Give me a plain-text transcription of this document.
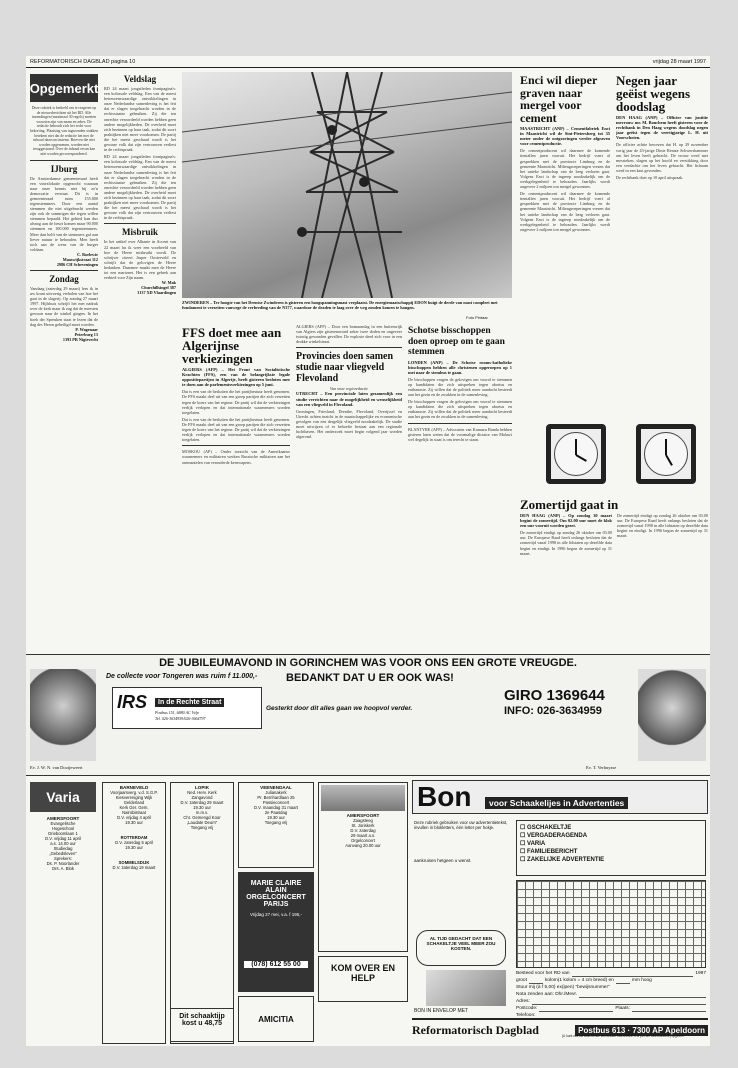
REFORMATORISCH DAGBLAD pagina 10	vrijdag 28 maart 1997
Opgemerkt

Deze rubriek is bedoeld om te reageren op de nieuwsberichten uit het RD. Alle inzendingen (maximaal 30 regels) moeten voorzien zijn van naam en adres. De redactie behoudt zich het recht voor bekorting. Plaatsing van ingezonden stukken betekent niet dat de redactie het met de inhoud daarvan instemt. Brieven die niet worden opgenomen, worden niet teruggestuurd. Over de inhoud ervan kan niet worden gecorrespondeerd.

IJburg

De Amsterdamse gemeenteraad heeft een vinexlokatie opgezocht waaraan naar onze kennis niet bij zo'n democratie verstaat. Dit is in gemeenteraad ruim 155.000 tegenstemmers. Door een aantal stemmen die niet uitgebracht werden zijn ook de sommigen die tegen willen stemmen bepaald. Het gebied kan dus alsnog aan de beurt komen maar 90.000 stemmen en 100.000 tegenstemmers. Meer dan helft van de stemmers gaf aan liever natuur te behouden. Men heeft toch aan de wens van de burger voldaan.

C. Boelewie

Maaswijkstraat 112

2986 CH Scheveningen

Zondag

Vandaag (zaterdag 29 maart) lees ik in uw krant uitvoerig verhalen van hoe het gaat in de slagerij. Op zondag 27 maart 1997. Hijlshuis schrijft het met nadruk over de kerk maar ik zag dat de meesten gewoon naar de winkel gingen. In het boek der Spreuken staat te lezen dat de dag des Heren geheiligd moet worden.

P. Wagenaar

Peterburg 13

1393 PR Nigtevecht

Veldslag

RD 24 maart jongstleden frontpagina's: een kolossale veldslag. Een van de meest betreurenswaardige ontwikkelingen in onze Nederlandse samenleving is het feit dat er slagen toegebracht worden in de rechtsstaatse gebruiken. Zij die ten onrechte veroordeeld worden hebben geen andere mogelijkheden. De overheid moet zich bezinnen op haar taak, zodat dit soort praktijken niet meer voorkomen. De partij die het meest geschaad wordt is het gewone volk dat zijn vertrouwen verliest in de rechtspraak.

RD 24 maart jongstleden frontpagina's: een kolossale veldslag. Een van de meest betreurenswaardige ontwikkelingen in onze Nederlandse samenleving is het feit dat er slagen toegebracht worden in de rechtsstaatse gebruiken. Zij die ten onrechte veroordeeld worden hebben geen andere mogelijkheden. De overheid moet zich bezinnen op haar taak, zodat dit soort praktijken niet meer voorkomen. De partij die het meest geschaad wordt is het gewone volk dat zijn vertrouwen verliest in de rechtspraak.

Misbruik

In het artikel over Albanie in Accent van 22 maart las ik weer een voorbeeld van hoe de Heere misbruikt wordt. De schrijver citeert Jasper Oosterveld en schrijft dat de gelovigen de Heere bedanken. Daarmee maakt men de Heere tot een marionet. Het is een gebrek aan eerbied voor Zijn naam.

W. Mak

Churchillsingel 387

3137 XD Vlaardingen

ZWINDEREN – Ter hoogte van het Drentse Zwinderen is gisteren een hoogspanningsmast verplaatst. De energiemaatschappij EDON buigt de derde van mast compleet met fundament te verzetten vanwege de verbreding van de N377, waardoor de draden te laag over de weg zouden komen te hangen.

Foto Pintaar

FFS doet mee aan Algerijnse verkiezingen

ALGIERS (AFP) – Het Front van Socialistische Krachten (FFS), een van de belangrijkste legale oppositiepartijen in Algerije, heeft gisteren besloten mee te doen aan de parlementsverkiezingen op 5 juni.

Dat is een van de besluiten die het partijbestuur heeft genomen. De FFS maakt deel uit van een groep partijen die zich verzetten tegen de koers van het regime. De partij wil dat de verkiezingen eerlijk verlopen en dat internationale waarnemers worden toegelaten.

Dat is een van de besluiten die het partijbestuur heeft genomen. De FFS maakt deel uit van een groep partijen die zich verzetten tegen de koers van het regime. De partij wil dat de verkiezingen eerlijk verlopen en dat internationale waarnemers worden toegelaten.

MOSKOU (AP) – Onder toezicht van de Amerikaanse waarnemers en militairen werken Russische militairen aan het ontmantelen van verouderde kernwapens.

ALGIERS (AFP) – Door een bomaanslag in een buitenwijk van Algiers zijn gisterenavond zeker twee doden en ongeveer twintig gewonden gevallen. De explosie deed zich voor in een drukke winkelstraat.

Provincies doen samen studie naar vliegveld Flevoland

Van onze regioredactie

UTRECHT – Een provinciale laten gezamenlijk een studie verrichten naar de mogelijkheid en wenselijkheid van een vliegveld in Flevoland.

Groningen, Friesland, Drenthe, Flevoland, Overijssel en Utrecht achten inzicht in de maatschappelijke en economische gevolgen van een dergelijk vliegveld noodzakelijk. De studie moet uitwijzen of er behoefte bestaat aan een regionale luchthaven. Het onderzoek moet begin volgend jaar worden afgerond.

Schotse bisschoppen doen oproep om te gaan stemmen

LONDEN (ANP) – De Schotse rooms-katholieke bisschoppen hebben alle christenen opgeroepen op 1 mei naar de stembus te gaan.

De bisschoppen vragen de gelovigen om vooral te stemmen op kandidaten die zich uitspreken tegen abortus en euthanasie. Zij willen dat de politiek meer aandacht besteedt aan het gezin en de zwakken in de samenleving.

De bisschoppen vragen de gelovigen om vooral te stemmen op kandidaten die zich uitspreken tegen abortus en euthanasie. Zij willen dat de politiek meer aandacht besteedt aan het gezin en de zwakken in de samenleving.

BLANTYRE (AFP) – Advocaten van Kamuzu Banda hebben gisteren laten weten dat de voormalige dictator van Malawi wel degelijk in staat is om terecht te staan.

Enci wil dieper graven naar mergel voor cement

MAASTRICHT (ANP) – Cementfabriek Enci in Maastricht wil de Sint-Pietersberg tot 35 meter onder de ontgravingen verder afgraven voor cementproductie.

De cementproducent wil daarmee de komende tientallen jaren vooruit. Het bedrijf voert al gesprekken met de provincie Limburg en de gemeente Maastricht. Milieugroeperingen vrezen dat het unieke landschap van de berg verloren gaat. Volgens Enci is de ingreep noodzakelijk om de werkgelegenheid te behouden. Jaarlijks wordt ongeveer 2 miljoen ton mergel gewonnen.

De cementproducent wil daarmee de komende tientallen jaren vooruit. Het bedrijf voert al gesprekken met de provincie Limburg en de gemeente Maastricht. Milieugroeperingen vrezen dat het unieke landschap van de berg verloren gaat. Volgens Enci is de ingreep noodzakelijk om de werkgelegenheid te behouden. Jaarlijks wordt ongeveer 2 miljoen ton mergel gewonnen.

Negen jaar geëist wegens doodslag

DEN HAAG (ANP) – Officier van justitie mevrouw mr. M. Bouchem heeft gisteren voor de rechtbank in Den Haag wegens doodslag negen jaar geëist tegen de veertigjarige L. H. uit Voorschoten.

De officier achtte bewezen dat H. op 29 november vorig jaar de 43-jarige Dinie Renate Schwershammer om het leven heeft gebracht. De vrouw werd met messteken, slagen op het hoofd en verstikking door een verdachte om het leven gebracht. Het lichaam werd in een kast gevonden.

De rechtbank doet op 10 april uitspraak.

Zomertijd gaat in

DEN HAAG (ANP) – Op zondag 30 maart begint de zomertijd. Om 02.00 uur moet de klok een uur vooruit worden gezet.

De zomertijd eindigt op zondag 26 oktober om 03.00 uur. De Europese Raad heeft onlangs besloten dat de zomertijd vanaf 1998 in alle lidstaten op dezelfde data begint en eindigt. In 1996 begon de zomertijd op 31 maart.

De zomertijd eindigt op zondag 26 oktober om 03.00 uur. De Europese Raad heeft onlangs besloten dat de zomertijd vanaf 1998 in alle lidstaten op dezelfde data begint en eindigt. In 1996 begon de zomertijd op 31 maart.

DE JUBILEUMAVOND IN GORINCHEM WAS VOOR ONS EEN GROTE VREUGDE.
De collecte voor Tongeren was ruim f 11.000,-	BEDANKT DAT U ER OOK WAS!
GIRO 1369644
INFO: 026-3634959
IRS	In de Rechte Straat
Postbus 151, 6880 AC Velp
Tel. 026-3634959/026-3664797
Gesterkt door dit alles gaan we hoopvol verder.
Ev. J. W. N. van Dooijeweert	Ev. T. Verhuyzse
Varia
AMERSFOORT
Evangelische
Hogeschool
Drieboomlaan 1
D.V. vrijdag 11 april
a.s. 14.00 uur
Studiedag
„Gebedsleven"
Sprekers:
Ds. P. Noorlander
Drs. A. Blok
BARNEVELD
Voorjaarsverg. v.d. S.G.P.
Kiesvereniging Wijk
Gelderland
Kerk Ger. Gem.
Nairobistraat
D.V. vrijdag 4 april
19.30 uur
ROTTERDAM
D.V. zaterdag 5 april
19.30 uur
SOMMELSDIJK
D.V. zaterdag 19 maart
LOPIK
Ned. Herv. Kerk
Zangavond
D.V. zaterdag 29 maart
19.30 uur
m.m.v.
Chr. Gemengd Koor
„Laudate Deum"
Toegang vrij
VEENENDAAL
Julianakerk
Pr. Bernhardlaan 25
Passieconcert
D.V. maandag 31 maart
2e Paasdag
19.30 uur
Toegang vrij
MARIE CLAIRE
ALAIN
ORGELCONCERT
PARIJS
Vrijdag 27 mei, v.a. f 195,-
(078) 612 55 00
AMICITIA
AMERSFOORT
Zaagsteeg
St. Joriskerk
D.V. zaterdag
29 maart a.s.
Orgelconcert
Aanvang 20.00 uur
KOM OVER EN HELP
Dit schaaktijp kost u 48,75
Bon	voor Schaakelijes in Advertenties

Deze rubriek gebruiken voor uw advertentietekst, invullen in blokletters, één letter per hokje.	☐ GSCHAKELTJE
☐ VERGADERAGENDA
☐ VARIA
☐ FAMILIEBERICHT
☐ ZAKELIJKE ADVERTENTIE

aankruisen hetgeen u wenst.

AL TIJD GEDACHT DAT EEN SCHAKELTJE VEEL MEER ZOU KOSTEN.

BON IN ENVELOP MET

Besteed voor het RD van	1997
groot	kolom(1 kolom = 4 cm breed) en	mm hoog
Stuur mij (à f 5,00) ex(ipen) "bewijsnummer"
Nota zenden aan: Dhr./Mevr.
Adres:
Postcode:	Plaats:
Telefoon:
Reformatorisch Dagblad	Postbus 613 · 7300 AP Apeldoorn

(U kunt ook uw advertentie telefonisch 055-5492373 of per fax 055-5423592) opgeven
